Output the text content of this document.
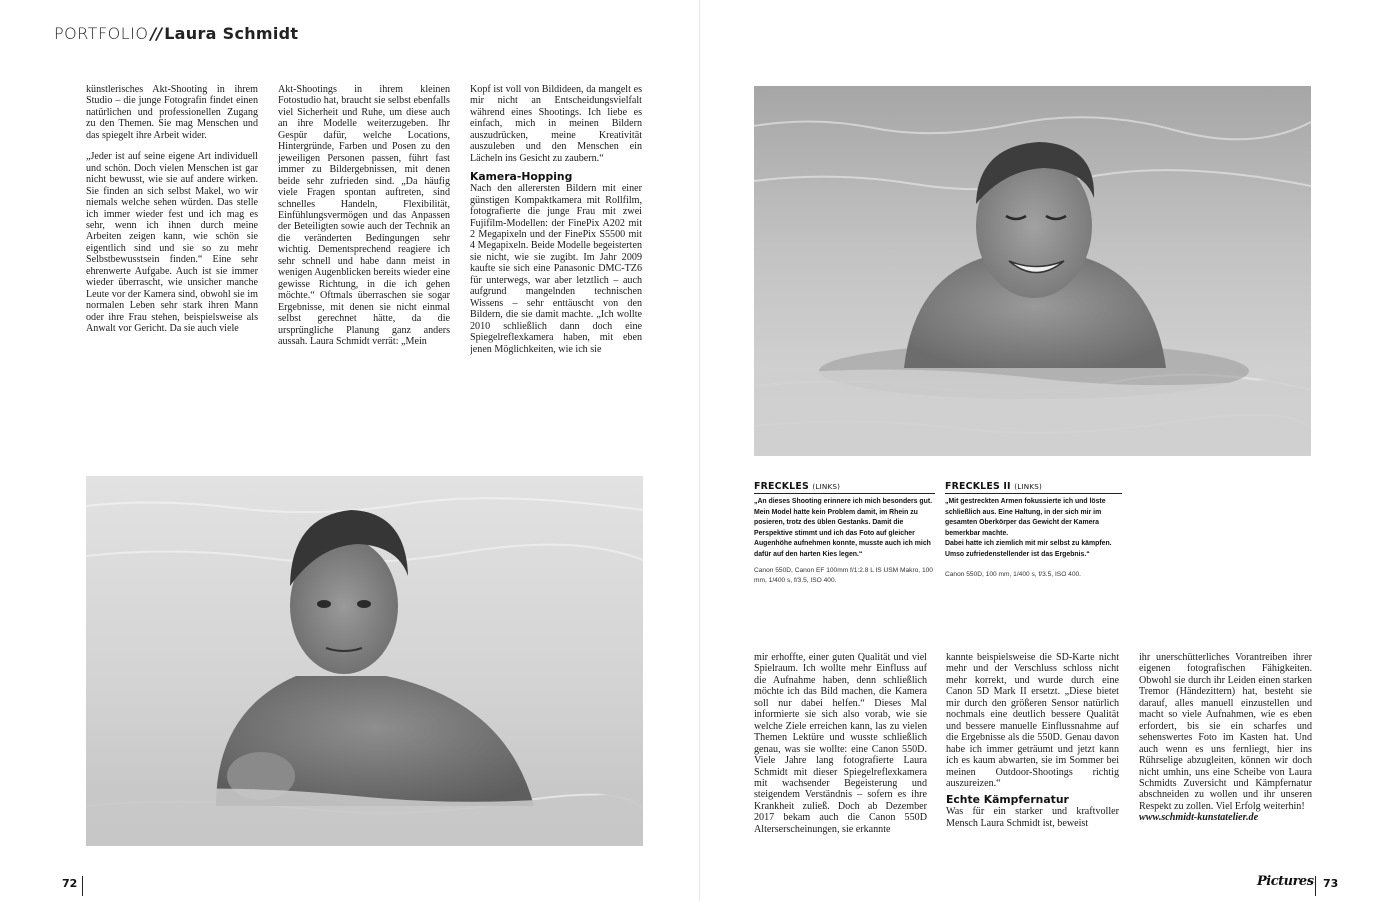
PORTFOLIO // Laura Schmidt

künstlerisches Akt-Shooting in ihrem Studio – die junge Fotografin findet einen natürlichen und professionellen Zugang zu den Themen. Sie mag Menschen und das spiegelt ihre Arbeit wider.

„Jeder ist auf seine eigene Art individuell und schön. Doch vielen Menschen ist gar nicht bewusst, wie sie auf andere wirken. Sie finden an sich selbst Makel, wo wir niemals welche sehen würden. Das stelle ich immer wieder fest und ich mag es sehr, wenn ich ihnen durch meine Arbeiten zeigen kann, wie schön sie eigentlich sind und sie so zu mehr Selbstbewusstsein finden.“ Eine sehr ehrenwerte Aufgabe. Auch ist sie immer wieder überrascht, wie unsicher manche Leute vor der Kamera sind, obwohl sie im normalen Leben sehr stark ihren Mann oder ihre Frau stehen, beispielsweise als Anwalt vor Gericht. Da sie auch viele

Akt-Shootings in ihrem kleinen Fotostudio hat, braucht sie selbst ebenfalls viel Sicherheit und Ruhe, um diese auch an ihre Modelle weiterzugeben. Ihr Gespür dafür, welche Locations, Hintergründe, Farben und Posen zu den jeweiligen Personen passen, führt fast immer zu Bildergebnissen, mit denen beide sehr zufrieden sind. „Da häufig viele Fragen spontan auftreten, sind schnelles Handeln, Flexibilität, Einfühlungsvermögen und das Anpassen der Beteiligten sowie auch der Technik an die veränderten Bedingungen sehr wichtig. Dementsprechend reagiere ich sehr schnell und habe dann meist in wenigen Augenblicken bereits wieder eine gewisse Richtung, in die ich gehen möchte.“ Oftmals überraschen sie sogar Ergebnisse, mit denen sie nicht einmal selbst gerechnet hätte, da die ursprüngliche Planung ganz anders aussah. Laura Schmidt verrät: „Mein

Kopf ist voll von Bildideen, da mangelt es mir nicht an Entscheidungsvielfalt während eines Shootings. Ich liebe es einfach, mich in meinen Bildern auszudrücken, meine Kreativität auszuleben und den Menschen ein Lächeln ins Gesicht zu zaubern.“

Kamera-Hopping

Nach den allerersten Bildern mit einer günstigen Kompaktkamera mit Rollfilm, fotografierte die junge Frau mit zwei Fujifilm-Modellen: der FinePix A202 mit 2 Megapixeln und der FinePix S5500 mit 4 Megapixeln. Beide Modelle begeisterten sie nicht, wie sie zugibt. Im Jahr 2009 kaufte sie sich eine Panasonic DMC-TZ6 für unterwegs, war aber letztlich – auch aufgrund mangelnden technischen Wissens – sehr enttäuscht von den Bildern, die sie damit machte. „Ich wollte 2010 schließlich dann doch eine Spiegelreflexkamera haben, mit eben jenen Möglichkeiten, wie ich sie

FRECKLES (LINKS)

„An dieses Shooting erinnere ich mich besonders gut. Mein Model hatte kein Problem damit, im Rhein zu posieren, trotz des üblen Gestanks. Damit die Perspektive stimmt und ich das Foto auf gleicher Augenhöhe aufnehmen konnte, musste auch ich mich dafür auf den harten Kies legen.“

Canon 550D, Canon EF 100mm f/1:2.8 L IS USM Makro, 100 mm, 1/400 s, f/3.5, ISO 400.
FRECKLES II (LINKS)

„Mit gestreckten Armen fokussierte ich und löste schließlich aus. Eine Haltung, in der sich mir im gesamten Oberkörper das Gewicht der Kamera bemerkbar machte.

Dabei hatte ich ziemlich mit mir selbst zu kämpfen. Umso zufriedenstellender ist das Ergebnis.“

Canon 550D, 100 mm, 1/400 s, f/3.5, ISO 400.

mir erhoffte, einer guten Qualität und viel Spielraum. Ich wollte mehr Einfluss auf die Aufnahme haben, denn schließlich möchte ich das Bild machen, die Kamera soll nur dabei helfen.“ Dieses Mal informierte sie sich also vorab, wie sie welche Ziele erreichen kann, las zu vielen Themen Lektüre und wusste schließlich genau, was sie wollte: eine Canon 550D. Viele Jahre lang fotografierte Laura Schmidt mit dieser Spiegelreflexkamera mit wachsender Begeisterung und steigendem Verständnis – sofern es ihre Krankheit zuließ. Doch ab Dezember 2017 bekam auch die Canon 550D Alterserscheinungen, sie erkannte

kannte beispielsweise die SD-Karte nicht mehr und der Verschluss schloss nicht mehr korrekt, und wurde durch eine Canon 5D Mark II ersetzt. „Diese bietet mir durch den größeren Sensor natürlich nochmals eine deutlich bessere Qualität und bessere manuelle Einflussnahme auf die Ergebnisse als die 550D. Genau davon habe ich immer geträumt und jetzt kann ich es kaum abwarten, sie im Sommer bei meinen Outdoor-Shootings richtig auszureizen.“

Echte Kämpfernatur

Was für ein starker und kraftvoller Mensch Laura Schmidt ist, beweist

ihr unerschütterliches Vorantreiben ihrer eigenen fotografischen Fähigkeiten. Obwohl sie durch ihr Leiden einen starken Tremor (Händezittern) hat, besteht sie darauf, alles manuell einzustellen und macht so viele Aufnahmen, wie es eben erfordert, bis sie ein scharfes und sehenswertes Foto im Kasten hat. Und auch wenn es uns fernliegt, hier ins Rührselige abzugleiten, können wir doch nicht umhin, uns eine Scheibe von Laura Schmidts Zuversicht und Kämpfernatur abschneiden zu wollen und ihr unseren Respekt zu zollen. Viel Erfolg weiterhin!

www.schmidt-kunstatelier.de
72	Pictures 73
